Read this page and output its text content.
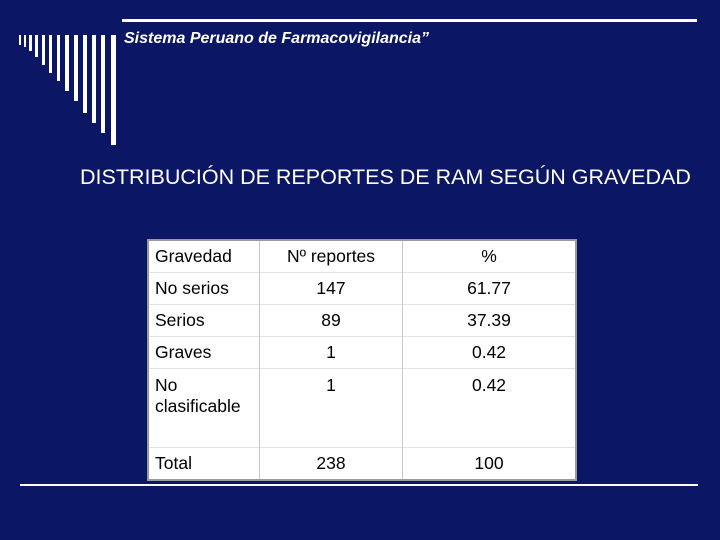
Sistema Peruano de Farmacovigilancia”
DISTRIBUCIÓN DE REPORTES DE RAM SEGÚN GRAVEDAD
Gravedad	Nº reportes	%
No serios	147	61.77
Serios	89	37.39
Graves	1	0.42
No clasificable	1	0.42
Total	238	100
